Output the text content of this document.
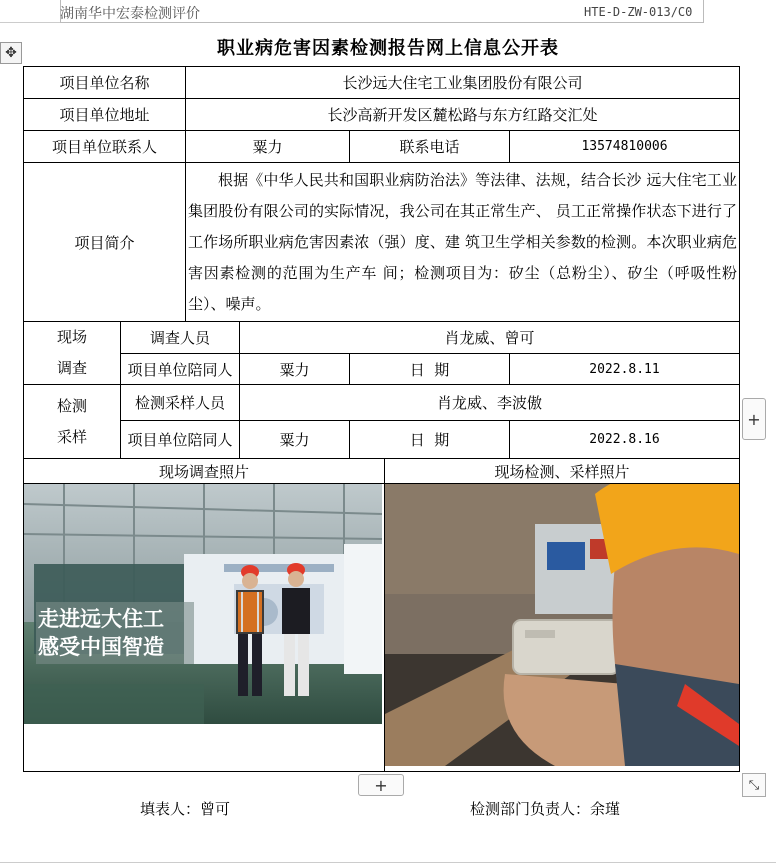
湖南华中宏泰检测评价	HTE-D-ZW-013/C0
✥	职业病危害因素检测报告网上信息公开表
项目单位名称	长沙远大住宅工业集团股份有限公司
项目单位地址	长沙高新开发区麓松路与东方红路交汇处
项目单位联系人	粟力	联系电话	13574810006
项目简介
根据《中华人民共和国职业病防治法》等法律、法规，结合长沙 远大住宅工业集团股份有限公司的实际情况，我公司在其正常生产、 员工正常操作状态下进行了工作场所职业病危害因素浓（强）度、建 筑卫生学相关参数的检测。本次职业病危害因素检测的范围为生产车 间；检测项目为：矽尘（总粉尘）、矽尘（呼吸性粉尘）、噪声。
现场
调查
调查人员	肖龙威、曾可
项目单位陪同人	粟力	日  期	2022.8.11
检测
采样
检测采样人员	肖龙威、李波傲
项目单位陪同人	粟力	日  期	2022.8.16
现场调查照片	现场检测、采样照片
走进远大住工
感受中国智造
+
+	⤡
填表人：曾可	检测部门负责人：余瑾
